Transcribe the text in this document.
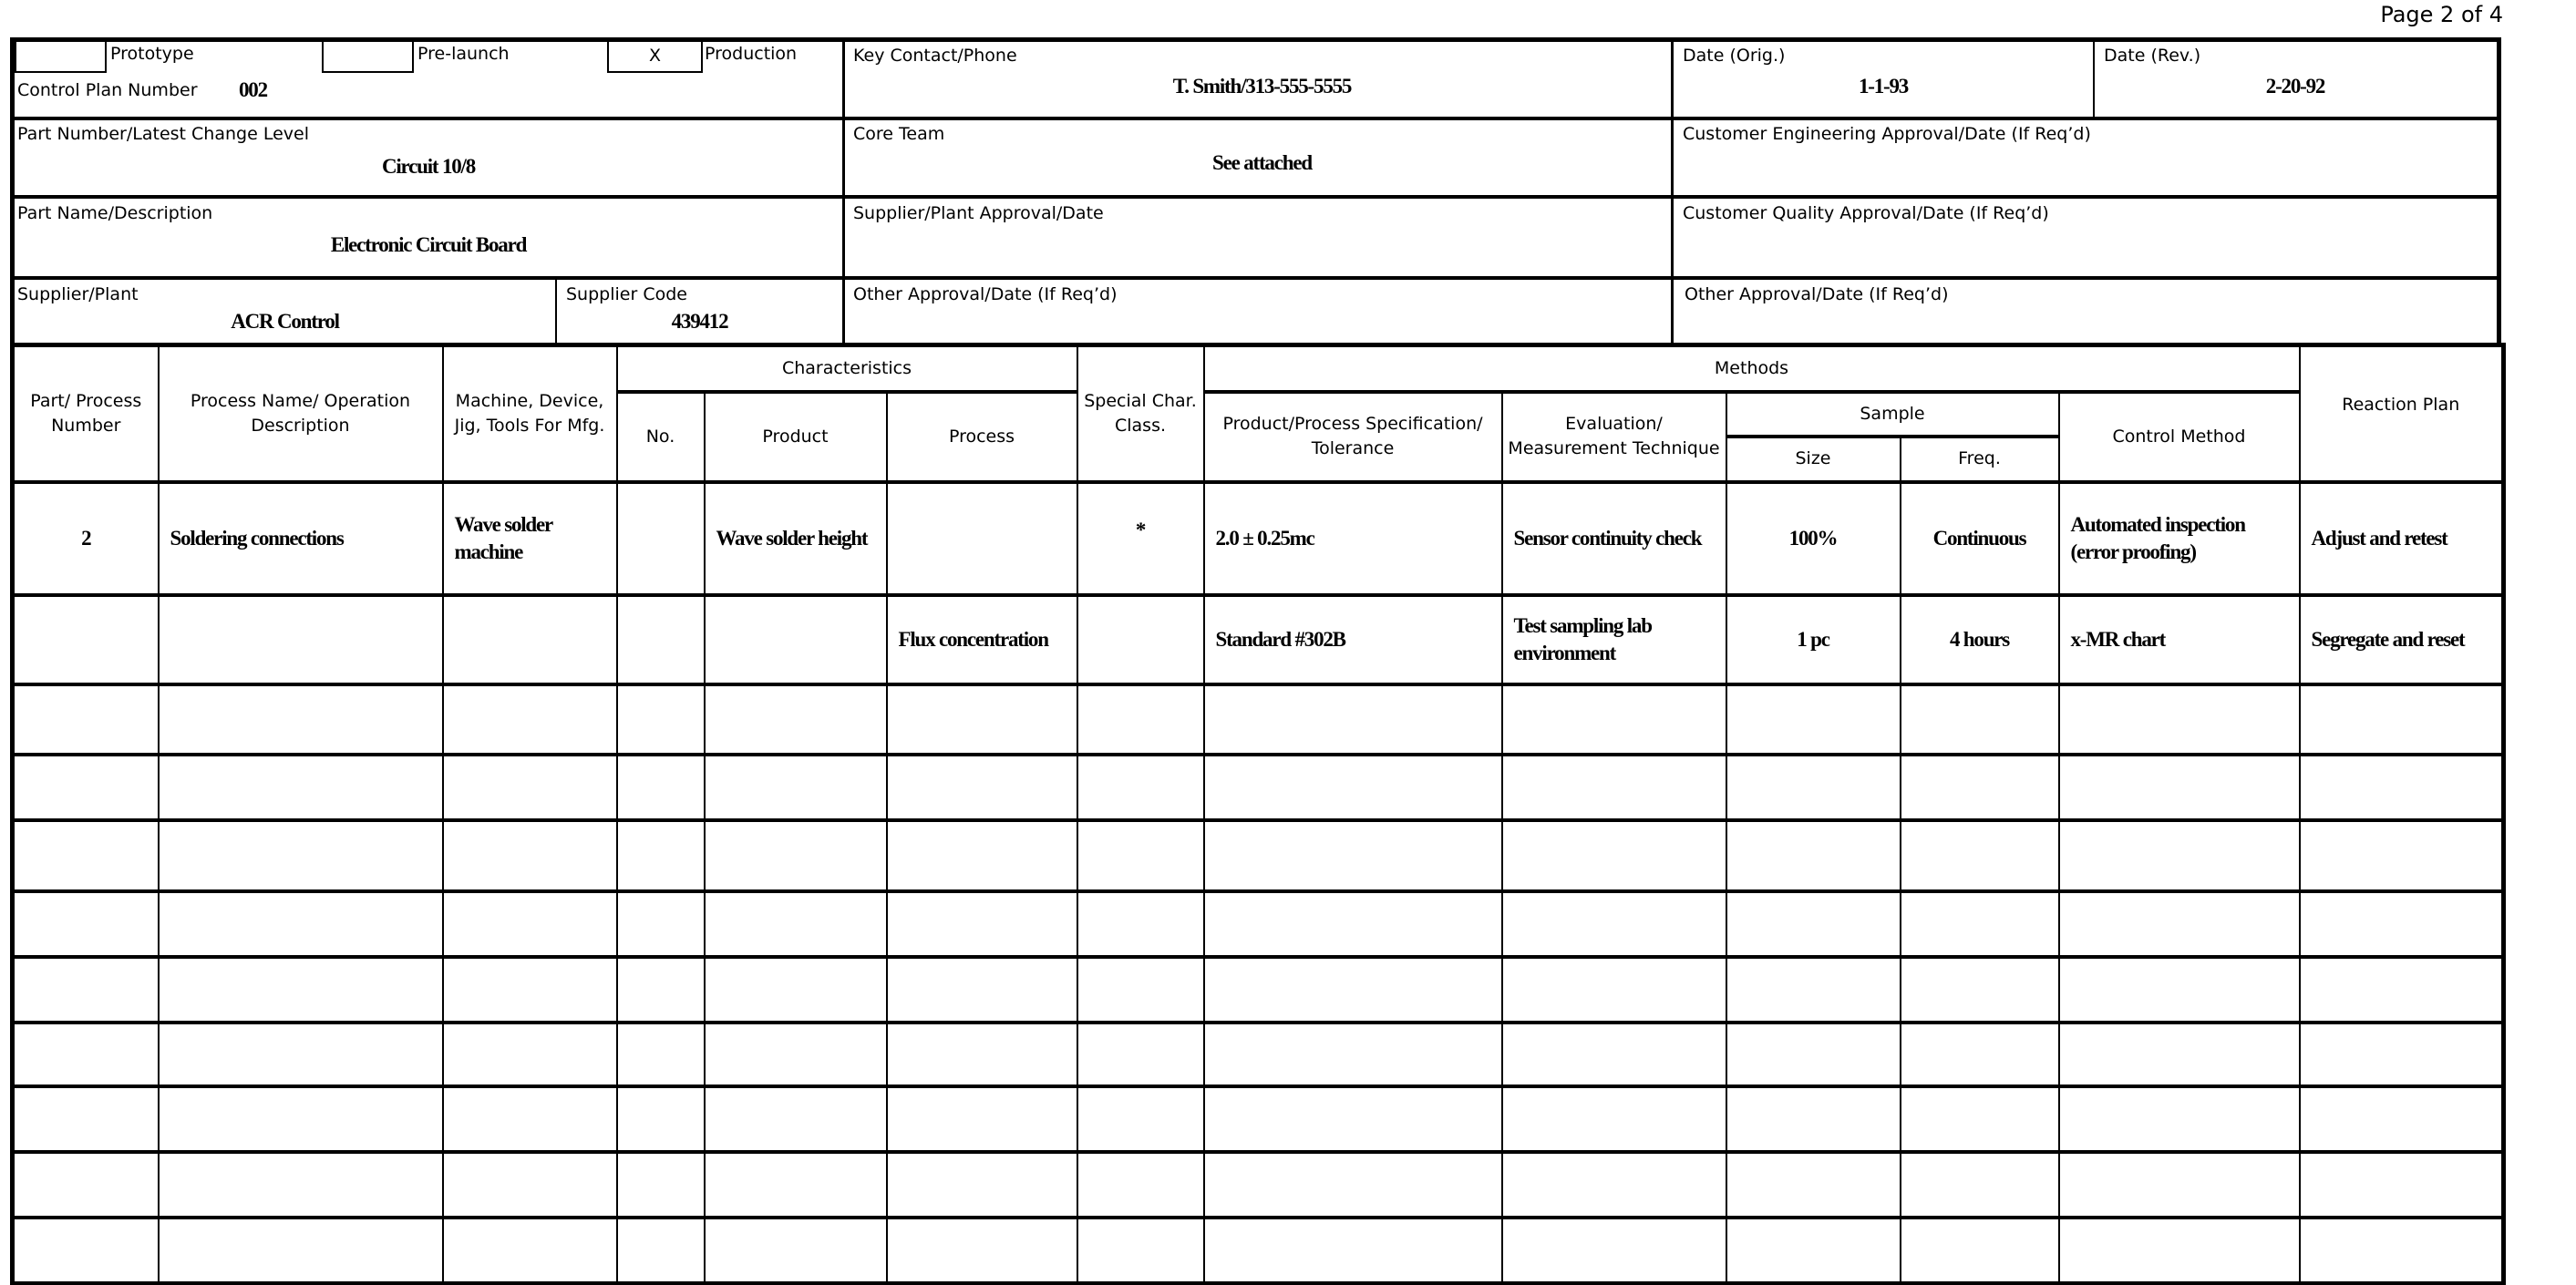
Page 2 of 4
Prototype	Pre-launch	X	Production
Control Plan Number 002
Key Contact/Phone
T. Smith/313-555-5555
Date (Orig.)
1-1-93
Date (Rev.)
2-20-92
Part Number/Latest Change Level
Circuit 10/8
Core Team
See attached
Customer Engineering Approval/Date (If Req’d)
Part Name/Description
Electronic Circuit Board
Supplier/Plant Approval/Date	Customer Quality Approval/Date (If Req’d)
Supplier/Plant
ACR Control
Supplier Code
439412
Other Approval/Date (If Req’d)	Other Approval/Date (If Req’d)
Part/ Process Number	Process Name/ Operation Description	Machine, Device, Jig, Tools For Mfg.	Characteristics			Special Char. Class.	Methods					Reaction Plan
			No.	Product	Process		Product/Process Specification/ Tolerance	Evaluation/ Measurement Technique	Sample		Control Method	
									Size	Freq.		
2	Soldering connections	Wave solder machine		Wave solder height		*	2.0 ± 0.25mc	Sensor continuity check	100%	Continuous	Automated inspection (error proofing)	Adjust and retest
					Flux concentration		Standard #302B	Test sampling lab environment	1 pc	4 hours	x-MR chart	Segregate and reset
